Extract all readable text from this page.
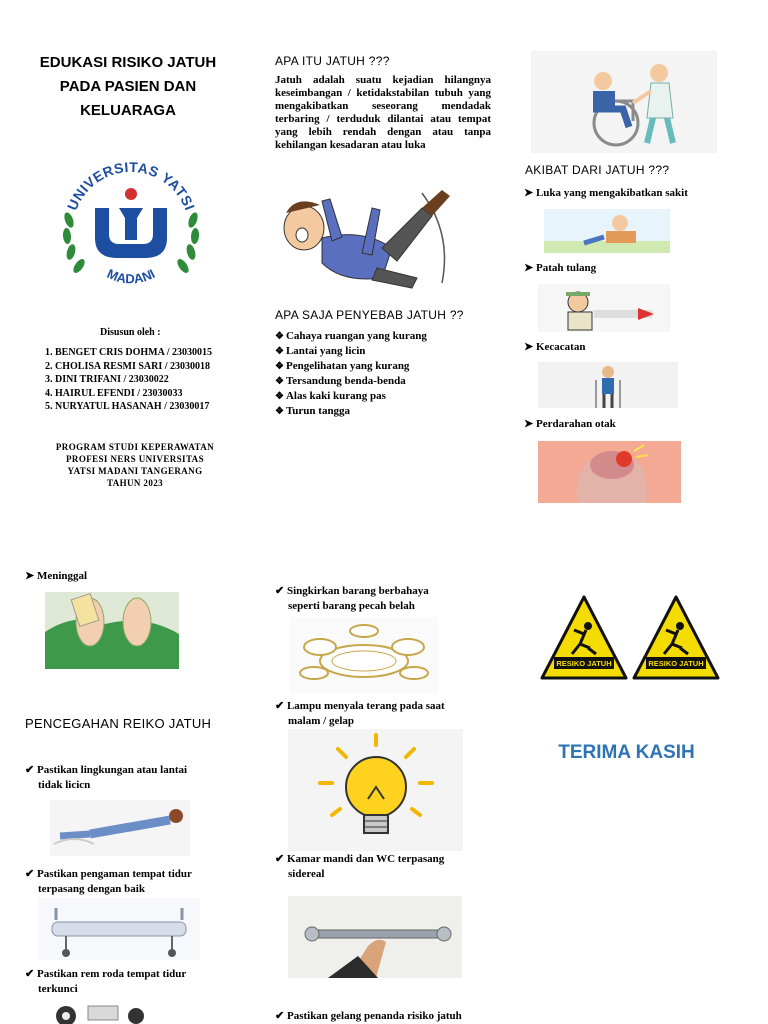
EDUKASI RISIKO JATUH
PADA PASIEN DAN
KELUARAGA
UNIVERSITAS YATSI
MADANI
Disusun oleh :
1. BENGET CRIS DOHMA / 23030015
2. CHOLISA RESMI SARI / 23030018
3. DINI TRIFANI / 23030022
4. HAIRUL EFENDI / 23030033
5. NURYATUL HASANAH / 23030017
PROGRAM STUDI KEPERAWATAN
PROFESI NERS UNIVERSITAS
YATSI MADANI TANGERANG
TAHUN 2023
APA ITU JATUH ???
Jatuh adalah suatu kejadian hilangnya keseimbangan / ketidakstabilan tubuh yang mengakibatkan seseorang mendadak terbaring / terduduk dilantai atau tempat yang lebih rendah dengan atau tanpa kehilangan kesadaran atau luka
APA SAJA PENYEBAB JATUH ??
❖ Cahaya ruangan yang kurang
❖ Lantai yang licin
❖ Pengelihatan yang kurang
❖ Tersandung benda-benda
❖ Alas kaki kurang pas
❖ Turun tangga
AKIBAT DARI JATUH ???
➤ Luka yang mengakibatkan sakit
➤ Patah tulang
➤ Kecacatan
➤ Perdarahan otak
➤ Meninggal
PENCEGAHAN REIKO JATUH
✔ Pastikan lingkungan atau lantai
tidak licicn
✔ Pastikan pengaman tempat tidur
terpasang dengan baik
✔ Pastikan rem roda tempat tidur
terkunci
✔ Singkirkan barang berbahaya
seperti barang pecah belah
✔ Lampu menyala terang pada saat
malam / gelap
✔ Kamar mandi dan WC terpasang
sidereal
✔ Pastikan gelang penanda risiko jatuh
RESIKO JATUH	RESIKO JATUH
TERIMA KASIH
